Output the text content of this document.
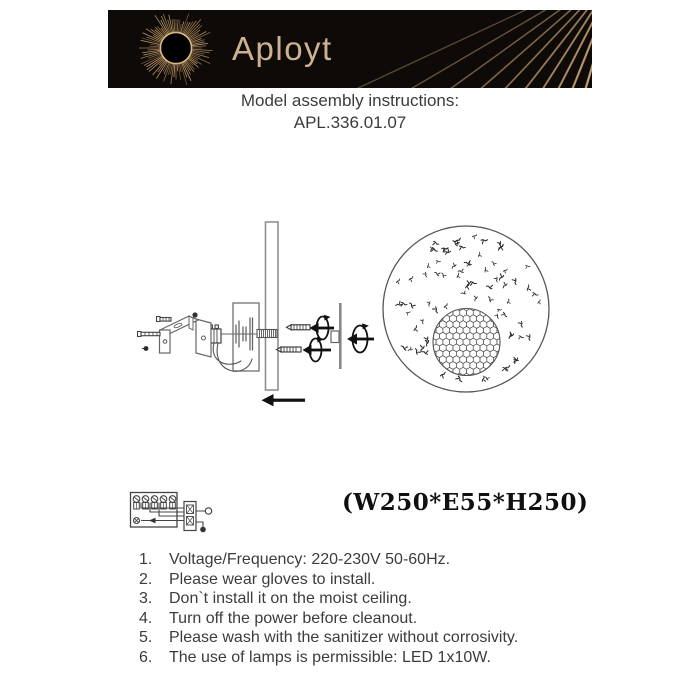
Aployt
Model assembly instructions:
APL.336.01.07
(W250*E55*H250)
1.	Voltage/Frequency: 220-230V 50-60Hz.
2.	Please wear gloves to install.
3.	Don`t install it on the moist ceiling.
4.	Turn off the power before cleanout.
5.	Please wash with the sanitizer without corrosivity.
6.	The use of lamps is permissible: LED 1x10W.
